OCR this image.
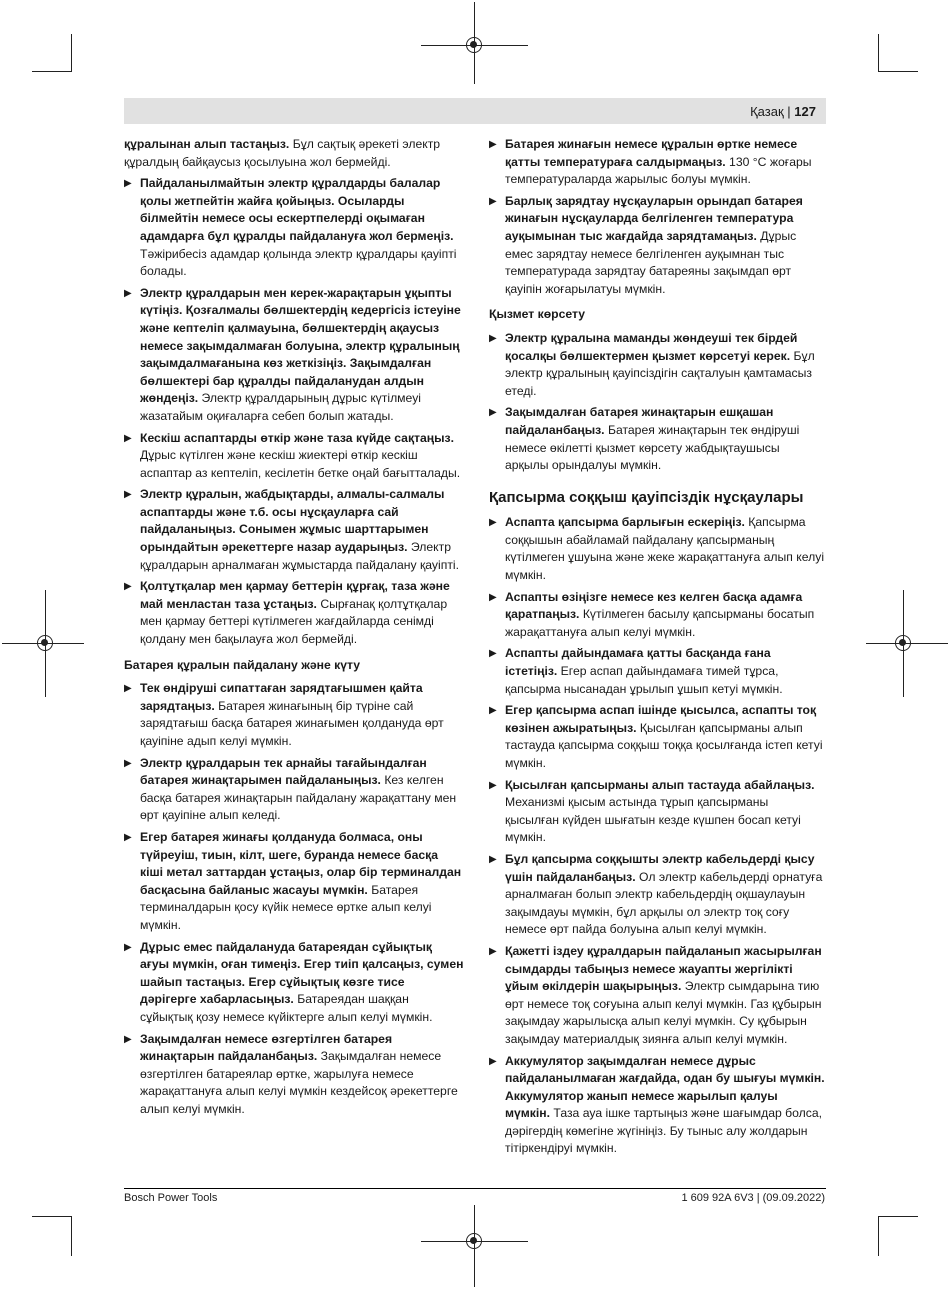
Қазақ | 127
құралынан алып тастаңыз. Бұл сақтық әрекеті электр құралдың байқаусыз қосылуына жол бермейді.
▶ Пайдаланылмайтын электр құралдарды балалар қолы жетпейтін жайға қойыңыз. Осыларды білмейтін немесе осы ескертпелерді оқымаған адамдарға бұл құралды пайдалануға жол бермеңіз. Тәжірибесіз адамдар қолында электр құралдары қауіпті болады.
▶ Электр құралдарын мен керек-жарақтарын ұқыпты күтіңіз. Қозғалмалы бөлшектердің кедергісіз істеуіне және кептеліп қалмауына, бөлшектердің ақаусыз немесе зақымдалмаған болуына, электр құралының зақымдалмағанына көз жеткізіңіз. Зақымдалған бөлшектері бар құралды пайдаланудан алдын жөндеңіз. Электр құралдарының дұрыс күтілмеуі жазатайым оқиғаларға себеп болып жатады.
▶ Кескіш аспаптарды өткір және таза күйде сақтаңыз. Дұрыс күтілген және кескіш жиектері өткір кескіш аспаптар аз кептеліп, кесілетін бетке оңай бағытталады.
▶ Электр құралын, жабдықтарды, алмалы-салмалы аспаптарды және т.б. осы нұсқауларға сай пайдаланыңыз. Сонымен жұмыс шарттарымен орындайтын әрекеттерге назар аударыңыз. Электр құралдарын арналмаған жұмыстарда пайдалану қауіпті.
▶ Қолтұтқалар мен қармау беттерін құрғақ, таза және май менластан таза ұстаңыз. Сырғанақ қолтұтқалар мен қармау беттері күтілмеген жағдайларда сенімді қолдану мен бақылауға жол бермейді.
Батарея құралын пайдалану және күту
▶ Тек өндіруші сипаттаған зарядтағышмен қайта зарядтаңыз. Батарея жинағының бір түріне сай зарядтағыш басқа батарея жинағымен қолдануда өрт қауіпіне адып келуі мүмкін.
▶ Электр құралдарын тек арнайы тағайындалған батарея жинақтарымен пайдаланыңыз. Кез келген басқа батарея жинақтарын пайдалану жарақаттану мен өрт қауіпіне алып келеді.
▶ Егер батарея жинағы қолдануда болмаса, оны түйреуіш, тиын, кілт, шеге, буранда немесе басқа кіші метал заттардан ұстаңыз, олар бір терминалдан басқасына байланыс жасауы мүмкін. Батарея терминалдарын қосу күйік немесе өртке алып келуі мүмкін.
▶ Дұрыс емес пайдалануда батареядан сұйықтық ағуы мүмкін, оған тимеңіз. Егер тиіп қалсаңыз, сумен шайып тастаңыз. Егер сұйықтық көзге тисе дәрігерге хабарласыңыз. Батареядан шаққан сұйықтық қозу немесе күйіктерге алып келуі мүмкін.
▶ Зақымдалған немесе өзгертілген батарея жинақтарын пайдаланбаңыз. Зақымдалған немесе өзгертілген батареялар өртке, жарылуға немесе жарақаттануға алып келуі мүмкін кездейсоқ әрекеттерге алып келуі мүмкін.
▶ Батарея жинағын немесе құралын өртке немесе қатты температураға салдырмаңыз. 130 °C жоғары температураларда жарылыс болуы мүмкін.
▶ Барлық зарядтау нұсқауларын орындап батарея жинағын нұсқауларда белгіленген температура ауқымынан тыс жағдайда зарядтамаңыз. Дұрыс емес зарядтау немесе белгіленген ауқымнан тыс температурада зарядтау батареяны зақымдап өрт қауіпін жоғарылатуы мүмкін.
Қызмет көрсету
▶ Электр құралына маманды жөндеуші тек бірдей қосалқы бөлшектермен қызмет көрсетуі керек. Бұл электр құралының қауіпсіздігін сақталуын қамтамасыз етеді.
▶ Зақымдалған батарея жинақтарын ешқашан пайдаланбаңыз. Батарея жинақтарын тек өндіруші немесе өкілетті қызмет көрсету жабдықтаушысы арқылы орындалуы мүмкін.
Қапсырма соққыш қауіпсіздік нұсқаулары
▶ Аспапта қапсырма барлығын ескеріңіз. Қапсырма соққышын абайламай пайдалану қапсырманың күтілмеген ұшуына және жеке жарақаттануға алып келуі мүмкін.
▶ Аспапты өзіңізге немесе кез келген басқа адамға қаратпаңыз. Күтілмеген басылу қапсырманы босатып жарақаттануға алып келуі мүмкін.
▶ Аспапты дайындамаға қатты басқанда ғана істетіңіз. Егер аспап дайындамаға тимей тұрса, қапсырма нысанадан ұрылып ұшып кетуі мүмкін.
▶ Егер қапсырма аспап ішінде қысылса, аспапты тоқ көзінен ажыратыңыз. Қысылған қапсырманы алып тастауда қапсырма соққыш тоққа қосылғанда істеп кетуі мүмкін.
▶ Қысылған қапсырманы алып тастауда абайлаңыз. Механизмі қысым астында тұрып қапсырманы қысылған күйден шығатын кезде күшпен босап кетуі мүмкін.
▶ Бұл қапсырма соққышты электр кабельдерді қысу үшін пайдаланбаңыз. Ол электр кабельдерді орнатуға арналмаған болып электр кабельдердің оқшаулауын зақымдауы мүмкін, бұл арқылы ол электр тоқ соғу немесе өрт пайда болуына алып келуі мүмкін.
▶ Қажетті іздеу құралдарын пайдаланып жасырылған сымдарды табыңыз немесе жауапты жергілікті ұйым өкілдерін шақырыңыз. Электр сымдарына тию өрт немесе тоқ соғуына алып келуі мүмкін. Газ құбырын зақымдау жарылысқа алып келуі мүмкін. Су құбырын зақымдау материалдық зиянға алып келуі мүмкін.
▶ Аккумулятор зақымдалған немесе дұрыс пайдаланылмаған жағдайда, одан бу шығуы мүмкін. Аккумулятор жанып немесе жарылып қалуы мүмкін. Таза ауа ішке тартыңыз және шағымдар болса, дәрігердің көмегіне жүгініңіз. Бу тыныс алу жолдарын тітіркендіруі мүмкін.
Bosch Power Tools	1 609 92A 6V3 | (09.09.2022)
